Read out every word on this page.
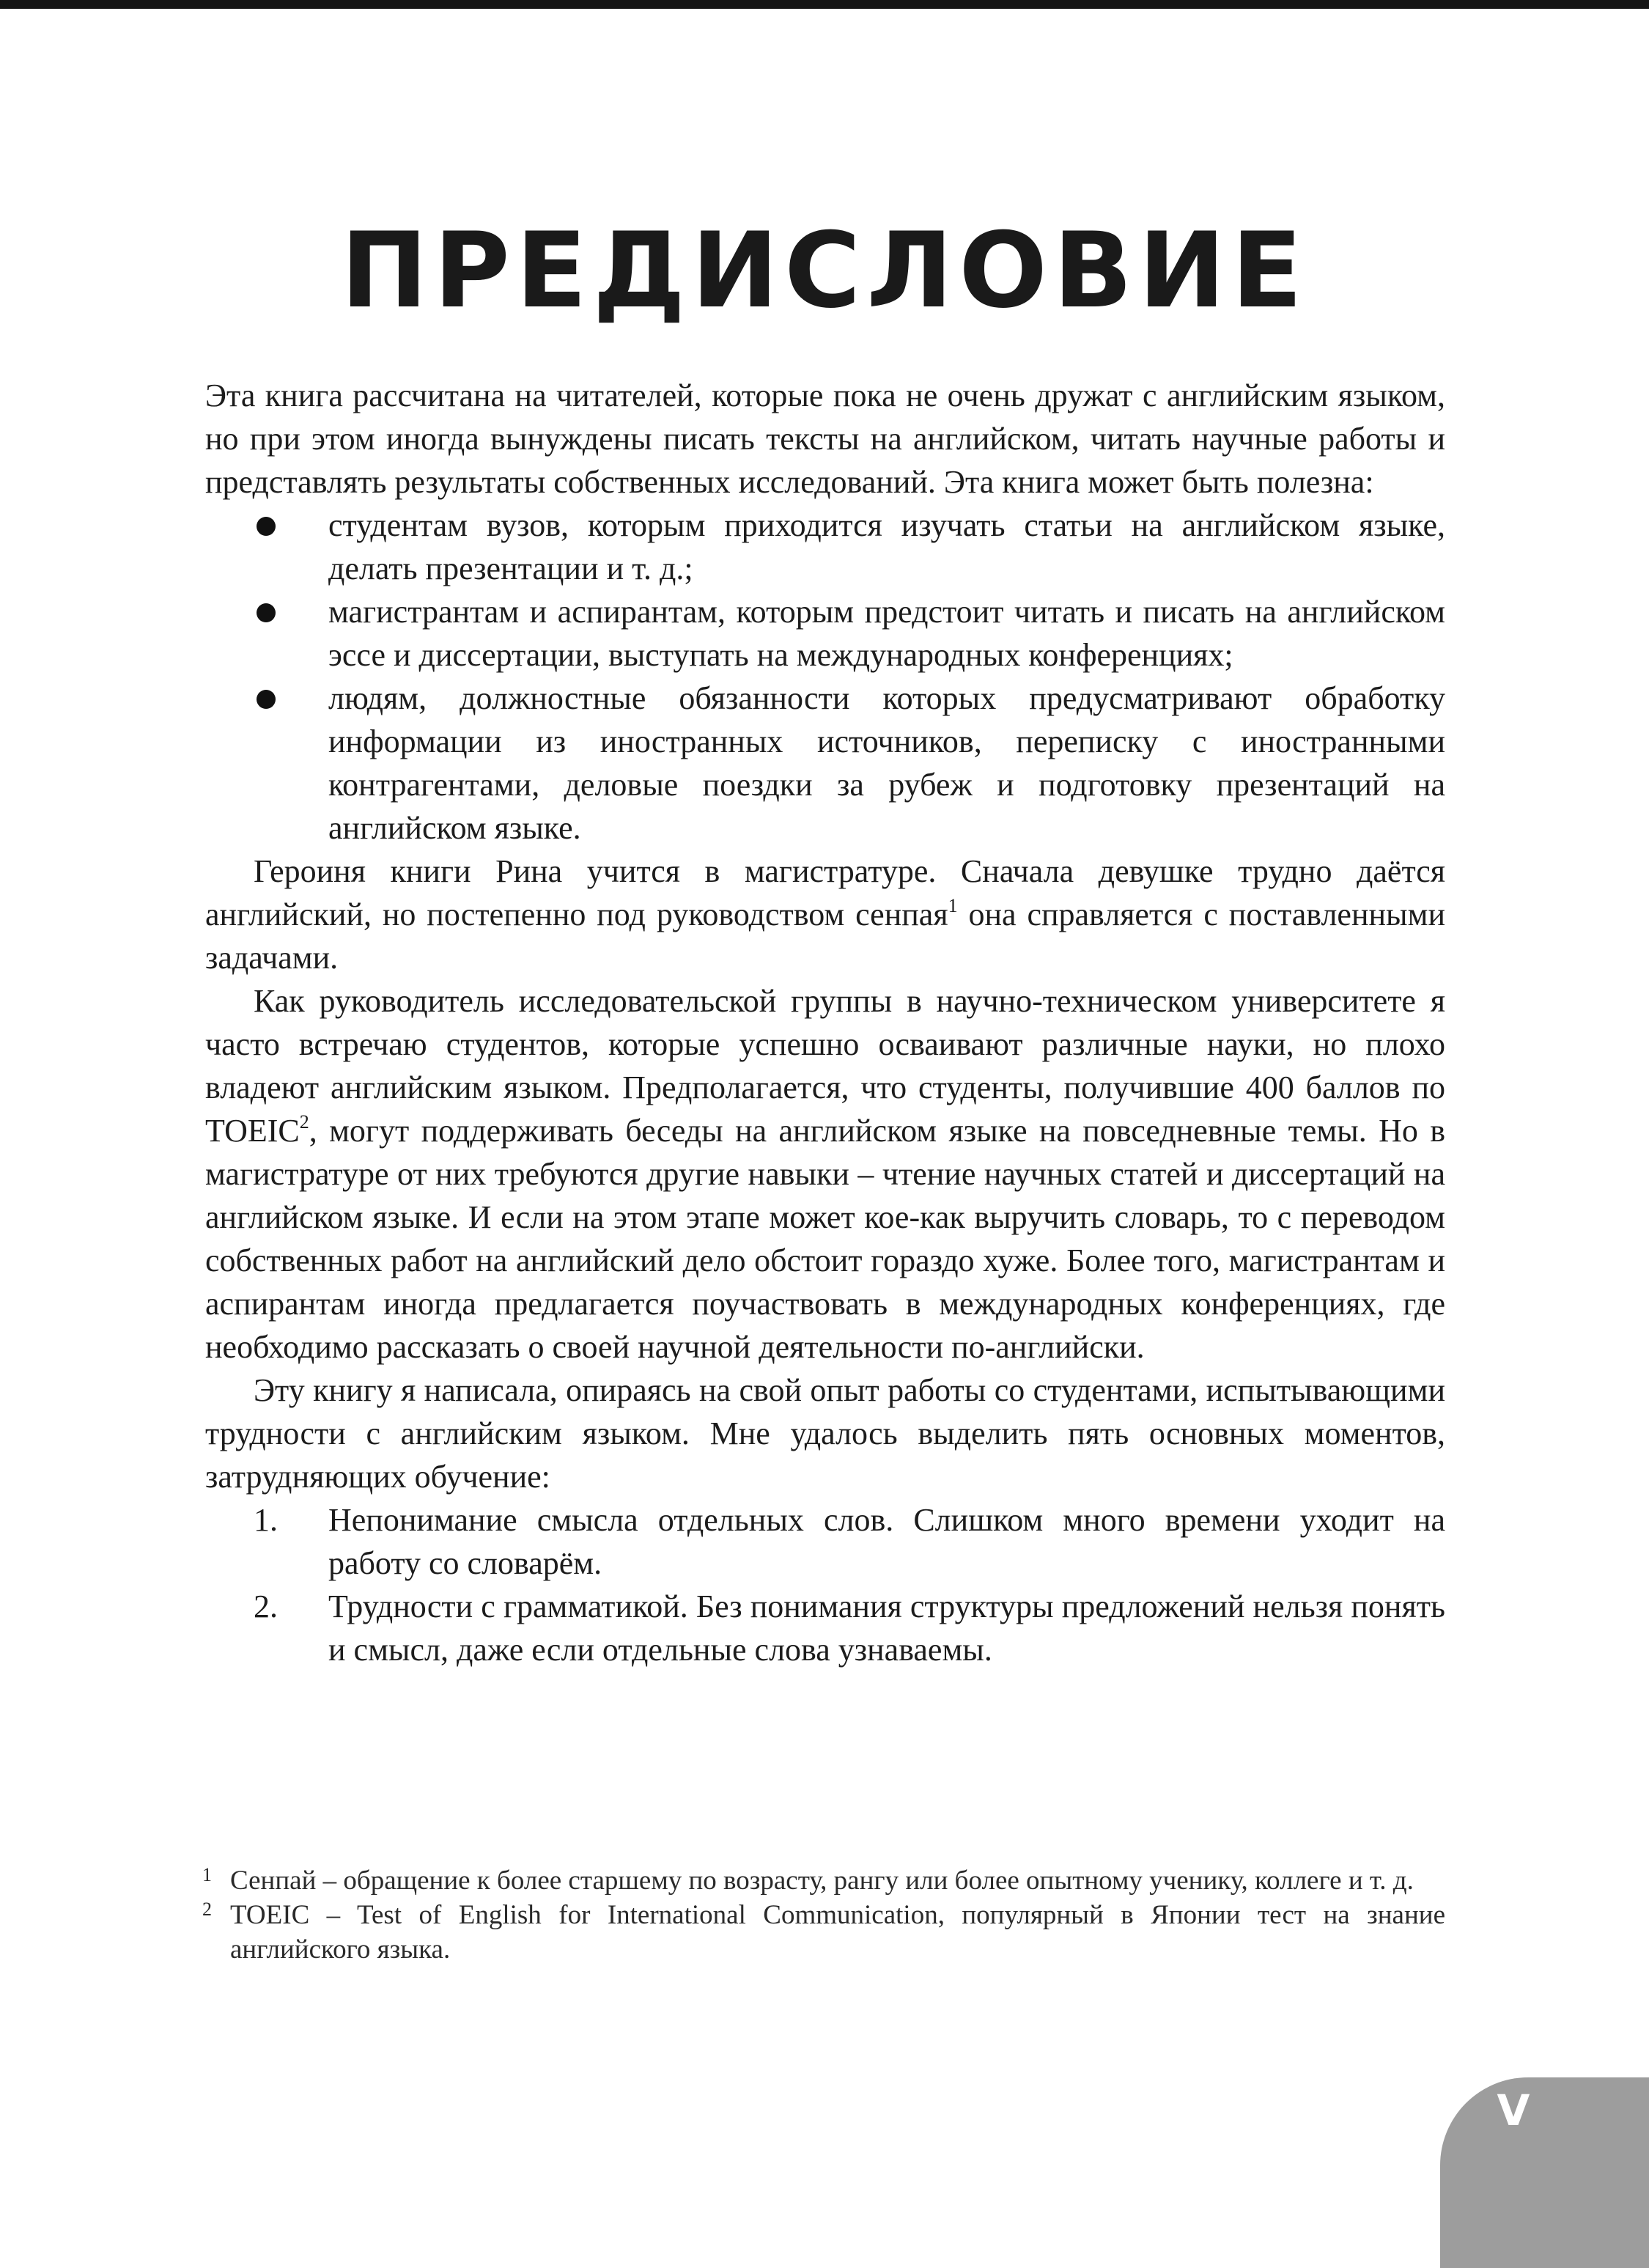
ПРЕДИСЛОВИЕ

Эта книга рассчитана на читателей, которые пока не очень дружат с английским языком, но при этом иногда вынуждены писать тексты на английском, читать научные работы и представлять результаты собственных исследований. Эта книга может быть полезна:

студентам вузов, которым приходится изучать статьи на английском языке, делать презентации и т. д.;
магистрантам и аспирантам, которым предстоит читать и писать на английском эссе и диссертации, выступать на международных конференциях;
людям, должностные обязанности которых предусматривают обработку информации из иностранных источников, переписку с иностранными контрагентами, деловые поездки за рубеж и подготовку презентаций на английском языке.

Героиня книги Рина учится в магистратуре. Сначала девушке трудно даётся английский, но постепенно под руководством сенпая$^1$ она справляется с поставленными задачами.

Как руководитель исследовательской группы в научно-техническом университете я часто встречаю студентов, которые успешно осваивают различные науки, но плохо владеют английским языком. Предполагается, что студенты, получившие 400 баллов по TOEIC$^2$, могут поддерживать беседы на английском языке на повседневные темы. Но в магистратуре от них требуются другие навыки – чтение научных статей и диссертаций на английском языке. И если на этом этапе может кое-как выручить словарь, то с переводом собственных работ на английский дело обстоит гораздо хуже. Более того, магистрантам и аспирантам иногда предлагается поучаствовать в международных конференциях, где необходимо рассказать о своей научной деятельности по-английски.

Эту книгу я написала, опираясь на свой опыт работы со студентами, испытывающими трудности с английским языком. Мне удалось выделить пять основных моментов, затрудняющих обучение:

1. Непонимание смысла отдельных слов. Слишком много времени уходит на работу со словарём.
2. Трудности с грамматикой. Без понимания структуры предложений нельзя понять и смысл, даже если отдельные слова узнаваемы.

1 Сенпай – обращение к более старшему по возрасту, рангу или более опытному ученику, коллеге и т. д.

2 TOEIC – Test of English for International Communication, популярный в Японии тест на знание английского языка.

V
